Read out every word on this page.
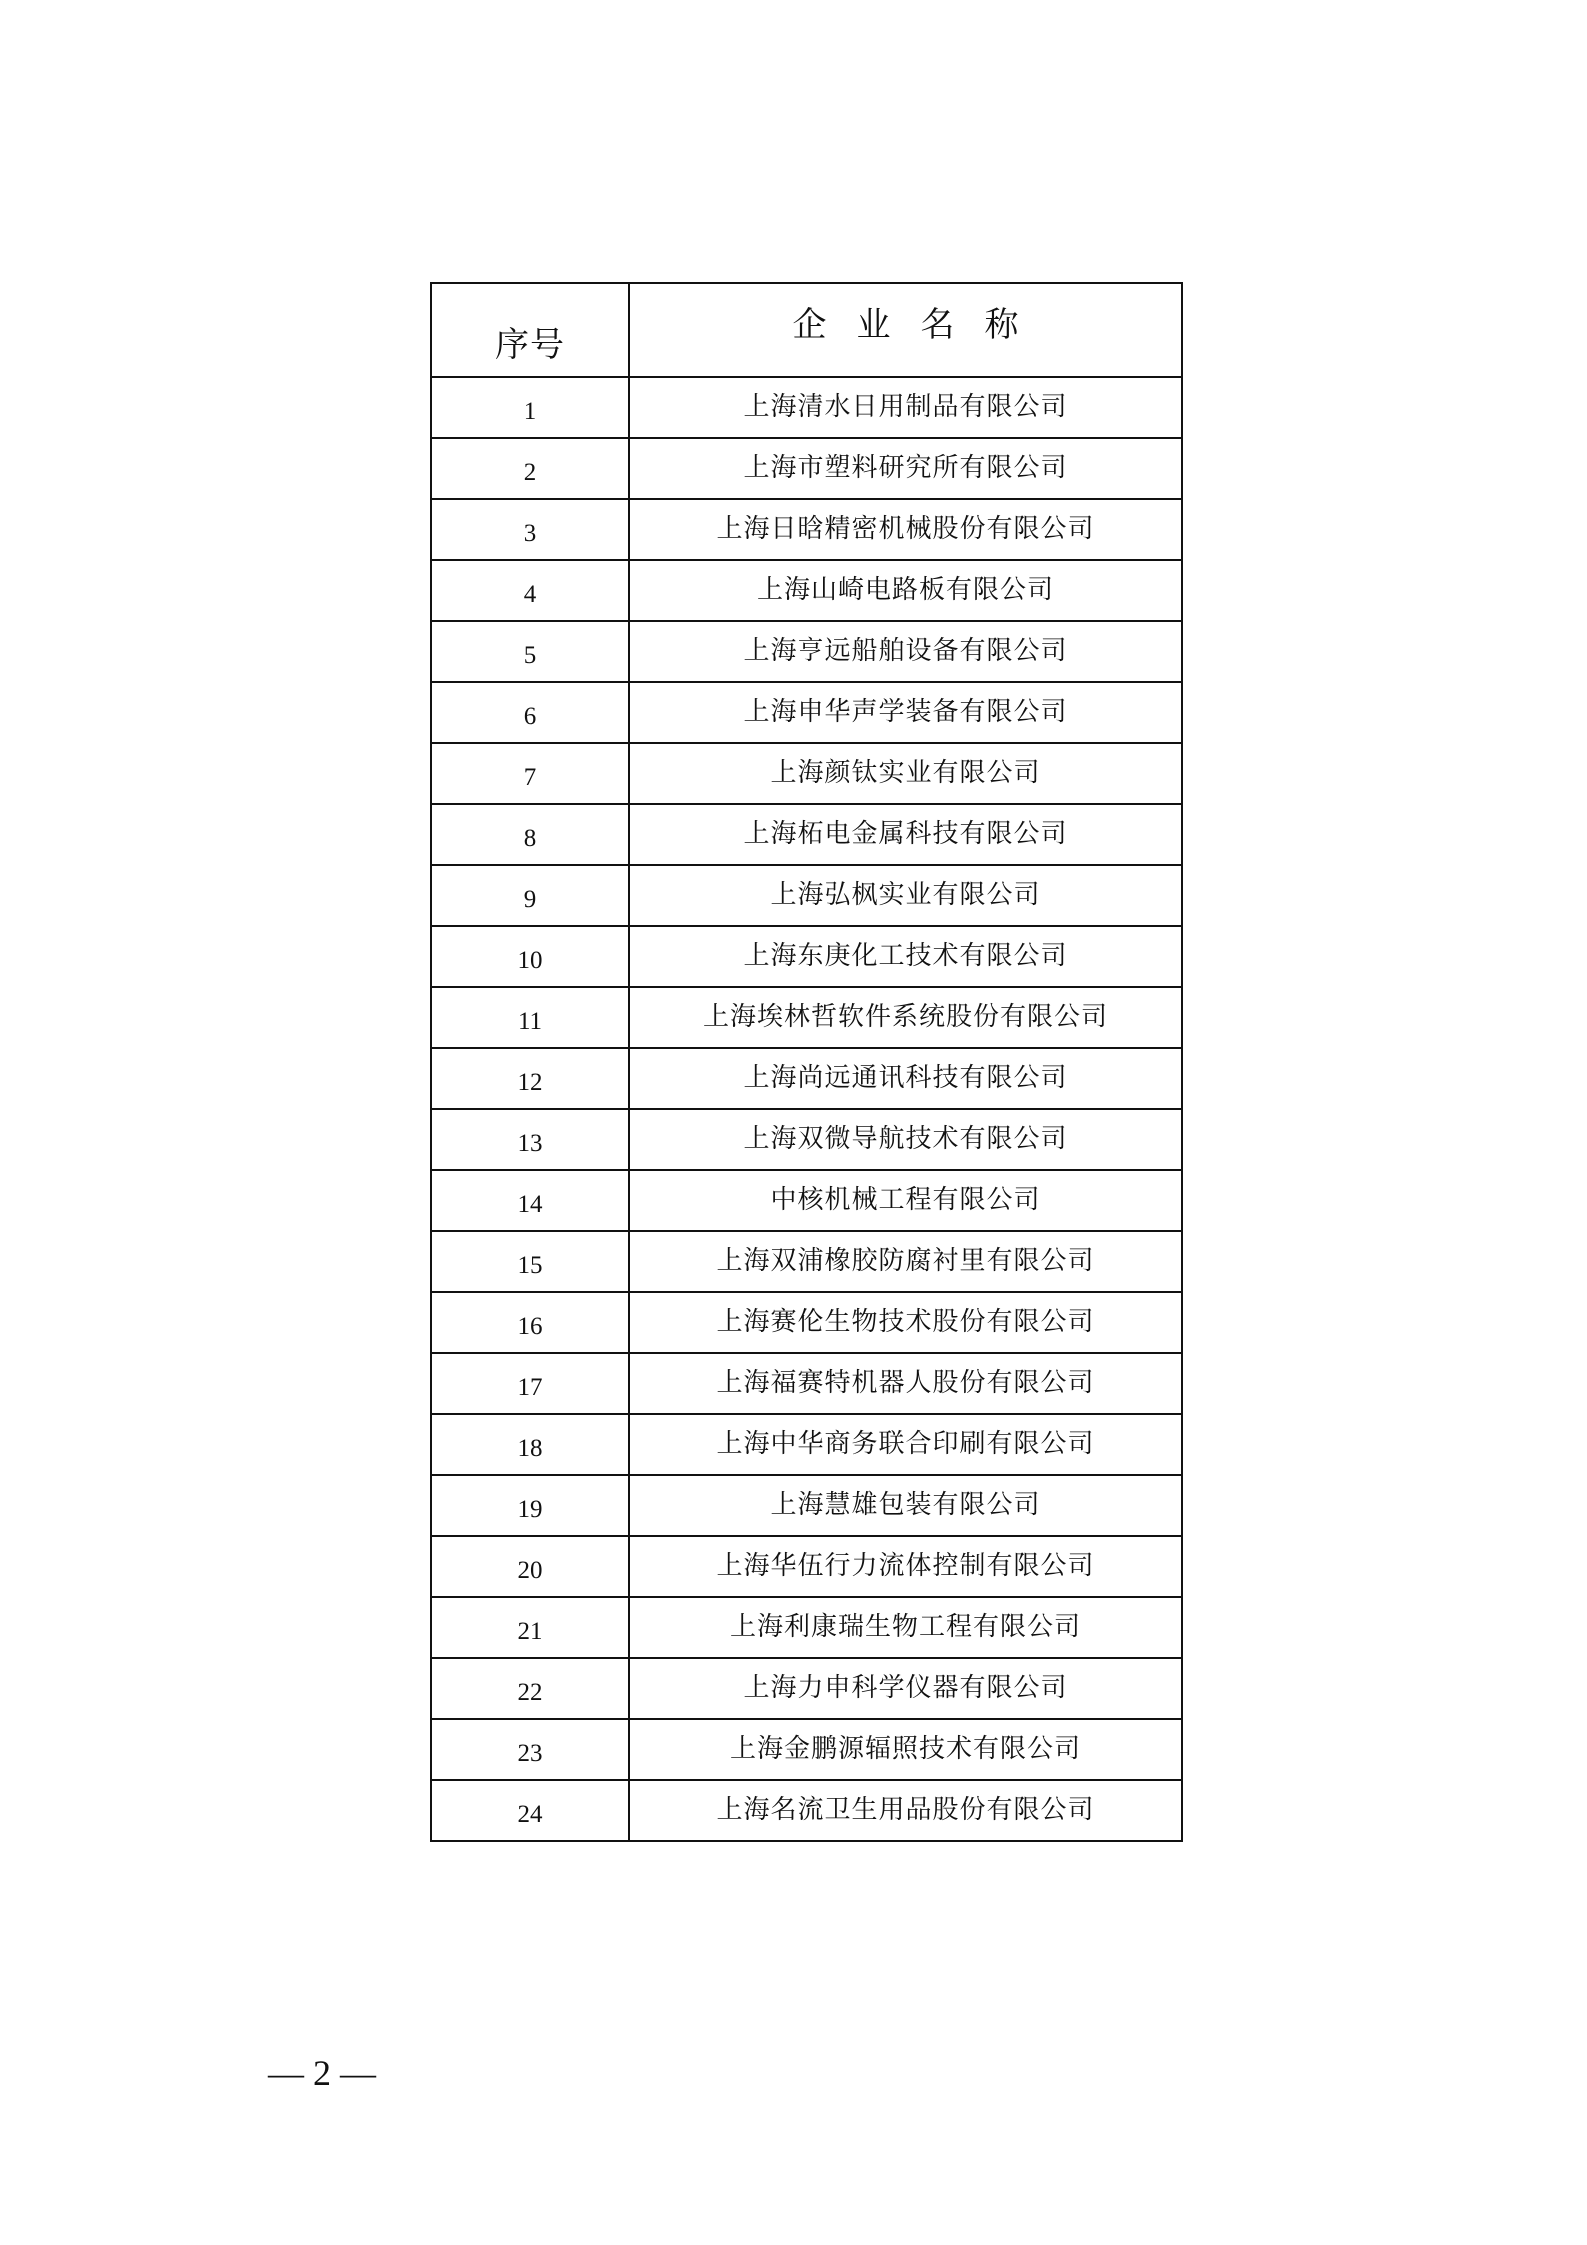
序号	企业名称
1	上海清水日用制品有限公司
2	上海市塑料研究所有限公司
3	上海日晗精密机械股份有限公司
4	上海山崎电路板有限公司
5	上海亨远船舶设备有限公司
6	上海申华声学装备有限公司
7	上海颜钛实业有限公司
8	上海柘电金属科技有限公司
9	上海弘枫实业有限公司
10	上海东庚化工技术有限公司
11	上海埃林哲软件系统股份有限公司
12	上海尚远通讯科技有限公司
13	上海双微导航技术有限公司
14	中核机械工程有限公司
15	上海双浦橡胶防腐衬里有限公司
16	上海赛伦生物技术股份有限公司
17	上海福赛特机器人股份有限公司
18	上海中华商务联合印刷有限公司
19	上海慧雄包装有限公司
20	上海华伍行力流体控制有限公司
21	上海利康瑞生物工程有限公司
22	上海力申科学仪器有限公司
23	上海金鹏源辐照技术有限公司
24	上海名流卫生用品股份有限公司
— 2 —
